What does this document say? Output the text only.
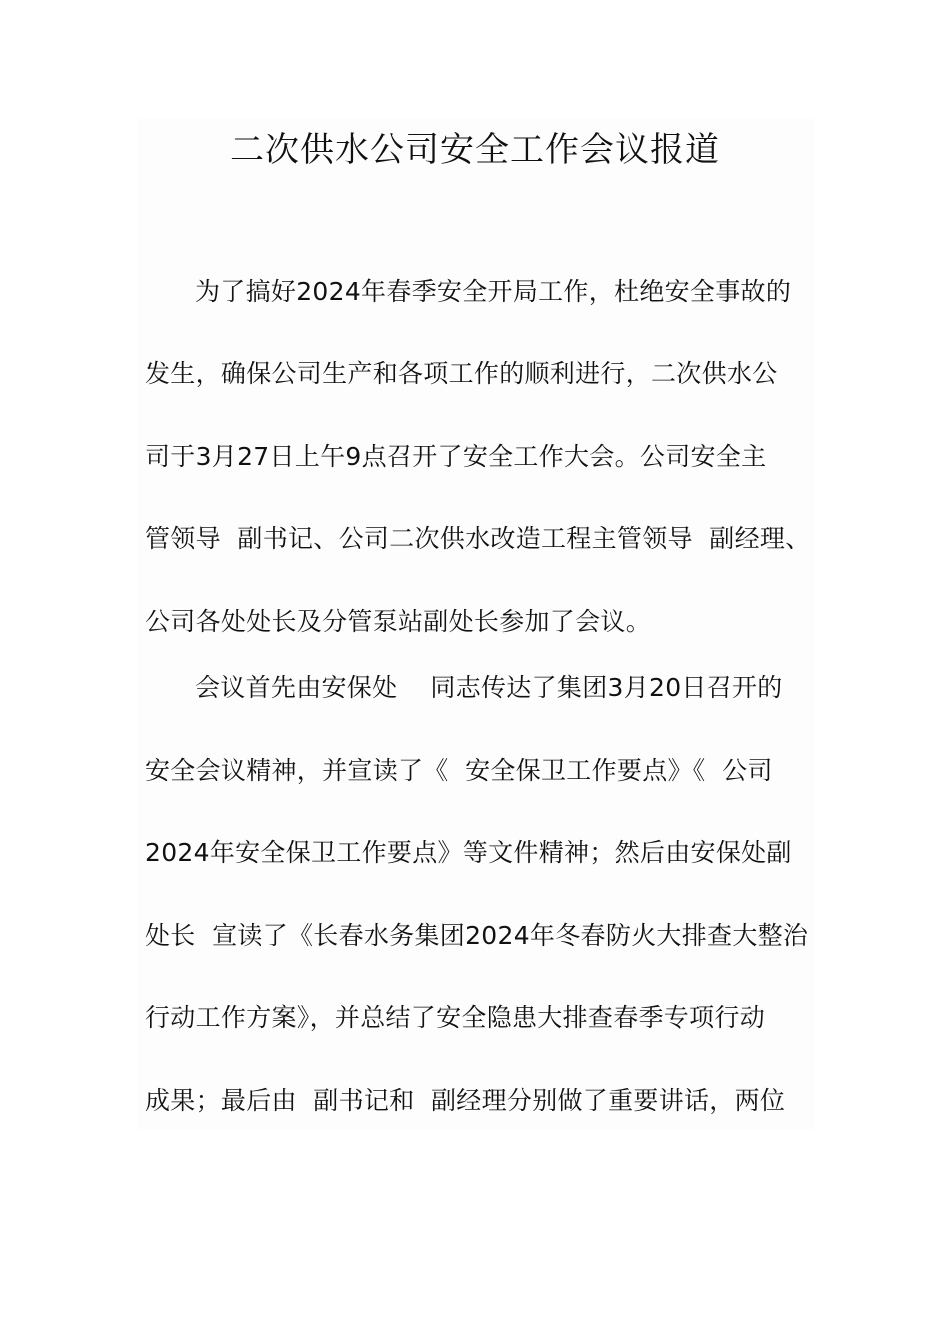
二次供水公司安全工作会议报道
为了搞好2024年春季安全开局工作，杜绝安全事故的
发生，确保公司生产和各项工作的顺利进行，二次供水公
司于3月27日上午9点召开了安全工作大会。公司安全主
管领导  副书记、公司二次供水改造工程主管领导  副经理、
公司各处处长及分管泵站副处长参加了会议。
会议首先由安保处    同志传达了集团3月20日召开的
安全会议精神，并宣读了《  安全保卫工作要点》《  公司
2024年安全保卫工作要点》等文件精神；然后由安保处副
处长  宣读了《长春水务集团2024年冬春防火大排查大整治
行动工作方案》，并总结了安全隐患大排查春季专项行动
成果；最后由  副书记和  副经理分别做了重要讲话，两位
